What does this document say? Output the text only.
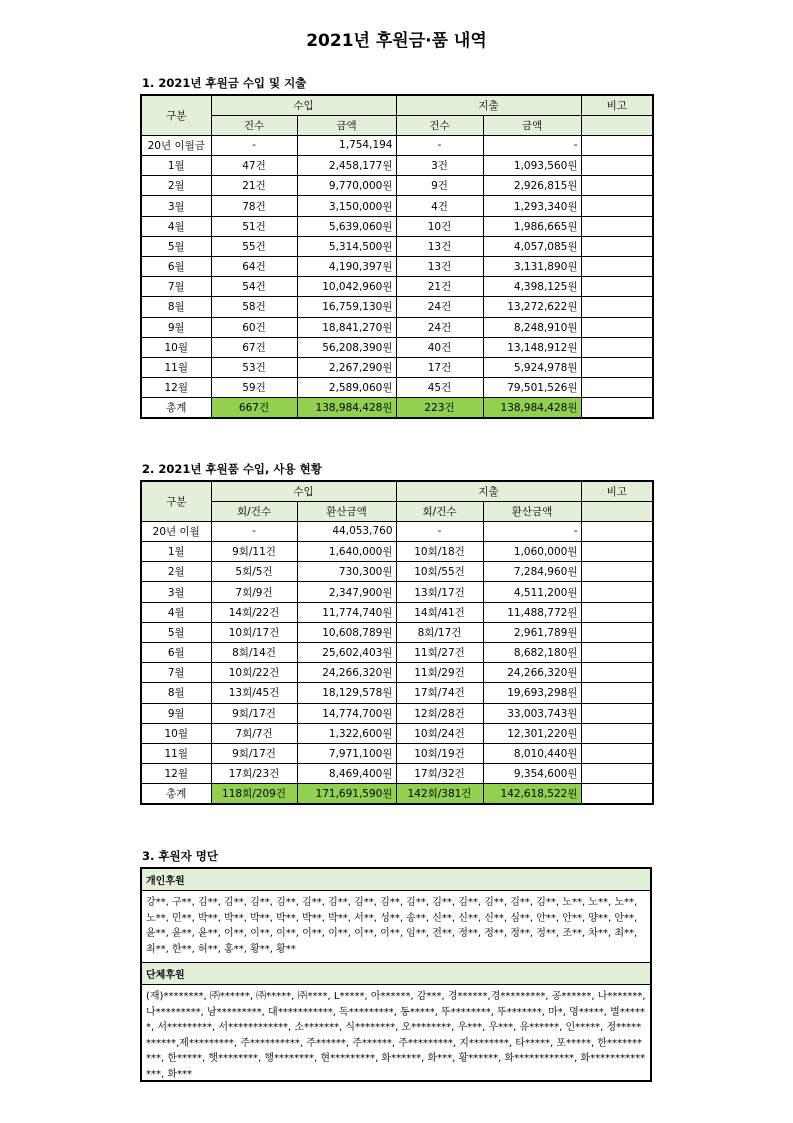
2021년 후원금·품 내역
1. 2021년 후원금 수입 및 지출
구분	수입		지출		비고
	건수	금액	건수	금액	
20년 이월금	-	1,754,194	-	-	
1월	47건	2,458,177원	3건	1,093,560원	
2월	21건	9,770,000원	9건	2,926,815원	
3월	78건	3,150,000원	4건	1,293,340원	
4월	51건	5,639,060원	10건	1,986,665원	
5월	55건	5,314,500원	13건	4,057,085원	
6월	64건	4,190,397원	13건	3,131,890원	
7월	54건	10,042,960원	21건	4,398,125원	
8월	58건	16,759,130원	24건	13,272,622원	
9월	60건	18,841,270원	24건	8,248,910원	
10월	67건	56,208,390원	40건	13,148,912원	
11월	53건	2,267,290원	17건	5,924,978원	
12월	59건	2,589,060원	45건	79,501,526원	
총계	667건	138,984,428원	223건	138,984,428원	
2. 2021년 후원품 수입, 사용 현황
구분	수입		지출		비고
	회/건수	환산금액	회/건수	환산금액	
20년 이월	-	44,053,760	-	-	
1월	9회/11건	1,640,000원	10회/18건	1,060,000원	
2월	5회/5건	730,300원	10회/55건	7,284,960원	
3월	7회/9건	2,347,900원	13회/17건	4,511,200원	
4월	14회/22건	11,774,740원	14회/41건	11,488,772원	
5월	10회/17건	10,608,789원	8회/17건	2,961,789원	
6월	8회/14건	25,602,403원	11회/27건	8,682,180원	
7월	10회/22건	24,266,320원	11회/29건	24,266,320원	
8월	13회/45건	18,129,578원	17회/74건	19,693,298원	
9월	9회/17건	14,774,700원	12회/28건	33,003,743원	
10월	7회/7건	1,322,600원	10회/24건	12,301,220원	
11월	9회/17건	7,971,100원	10회/19건	8,010,440원	
12월	17회/23건	8,469,400원	17회/32건	9,354,600원	
총계	118회/209건	171,691,590원	142회/381건	142,618,522원	
3. 후원자 명단
개인후원
강**, 구**, 김**, 김**, 김**, 김**, 김**, 김**, 김**, 김**, 김**, 김**, 김**, 김**, 김**, 김**, 노**, 노**, 노**, 노**, 민**, 박**, 박**, 박**, 박**, 박**, 박**, 서**, 성**, 송**, 신**, 신**, 신**, 심**, 안**, 안**, 양**, 안**, 윤**, 윤**, 윤**, 이**, 이**, 이**, 이**, 이**, 이**, 이**, 임**, 전**, 정**, 정**, 정**, 정**, 조**, 차**, 최**, 최**, 한**, 허**, 홍**, 황**, 황**
단체후원
(재)********, ㈜******, ㈜*****, ㈜****, L*****, 아******, 감***, 경******,경*********, 공******, 나*******, 나*********, 남*********, 대***********, 독*********, 동*****, 뚜********, 뚜*******, 마*, 명*****, 별******, 서*********, 서************, 소*******, 식********, 오********, 우***, 우***, 유******, 인*****, 정***********,제*********, 주**********, 주******, 주******, 주*********, 지********, 타*****, 포*****, 한**********, 한*****, 햇********, 행********, 현*********, 화******, 화***, 황******, 화************, 화**************, 화***
